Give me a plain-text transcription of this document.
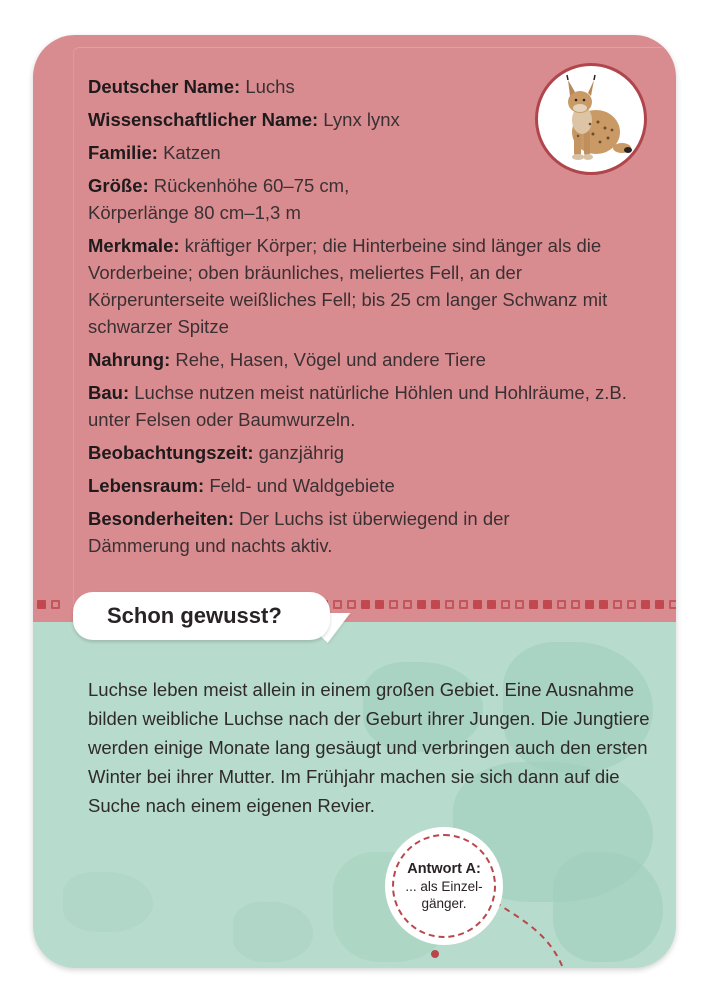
Deutscher Name: Luchs
Wissenschaftlicher Name: Lynx lynx
Familie: Katzen
Größe: Rückenhöhe 60–75 cm, Körperlänge 80 cm–1,3 m
Merkmale: kräftiger Körper; die Hinterbeine sind länger als die Vorderbeine; oben bräunliches, meliertes Fell, an der Körperunterseite weißliches Fell; bis 25 cm langer Schwanz mit schwarzer Spitze
Nahrung: Rehe, Hasen, Vögel und andere Tiere
Bau: Luchse nutzen meist natürliche Höhlen und Hohlräume, z.B. unter Felsen oder Baumwurzeln.
Beobachtungszeit: ganzjährig
Lebensraum: Feld- und Waldgebiete
Besonderheiten: Der Luchs ist überwiegend in der Dämmerung und nachts aktiv.
Schon gewusst?
Luchse leben meist allein in einem großen Gebiet. Eine Ausnahme bilden weibliche Luchse nach der Geburt ihrer Jungen. Die Jungtiere werden einige Monate lang gesäugt und verbringen auch den ersten Winter bei ihrer Mutter. Im Frühjahr machen sie sich dann auf die Suche nach einem eigenen Revier.
Antwort A:
... als Einzel-
gänger.
